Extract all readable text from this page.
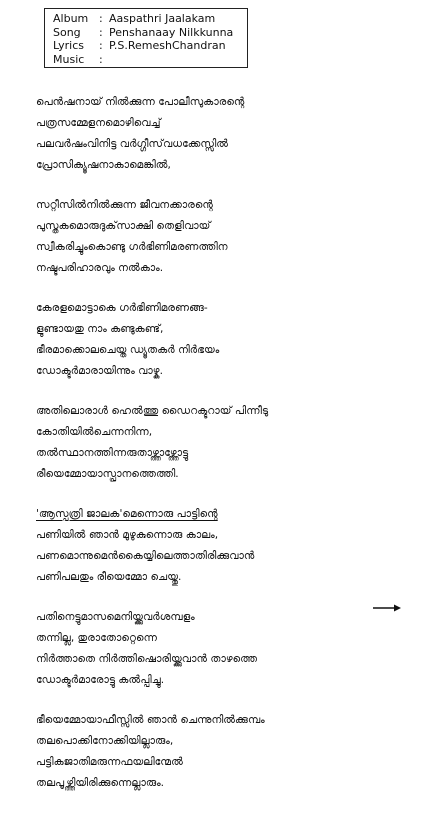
Album : Aaspathri Jaalakam
Song	: Penshanaay Nilkkunna
Lyrics	: P.S.RemeshChandran
Music	:
പെൻഷനായ് നിൽക്കുന്ന പോലീസുകാരന്റെ
പത്രസമ്മേളനമൊഴിവെച്ച്
പലവർഷംവിനിട്ട വർഗ്ഗീസ്‌വധക്കേസ്സിൽ
പ്രോസിക്യൂഷനാകാമെങ്കിൽ,
സറ്റീസിൽനിൽക്കുന്ന ജീവനക്കാരന്റെ
പുസ്തകമൊരുദുക്‌സാക്ഷി തെളിവായ്
സ്വീകരിച്ചുംകൊണ്ടു ഗർഭിണിമരണത്തിന
നഷ്ടപരിഹാരവും നൽകാം.
കേരളമൊട്ടാകെ ഗർഭിണിമരണങ്ങ-
ളുണ്ടായതു നാം കണ്ടുകണ്ട്,
ഭീരമാക്കൊലചെയ്ത ഡ്യൂതകർ നിർഭയം
ഡോക്ടർമാരായിന്നും വാഴ്കു.
അതിലൊരാൾ ഹെൽത്തു ഡൈറക്ടറായ് പിന്നീടു
കോതിയിൽചെന്നനിന്ന,
തൽസ്ഥാനത്തിന്നരുതാഴ്ത്താഴ്ത്തോട്ടു
രീയെമ്മോയാസ്പ്രാനത്തെത്തി.
'ആസ്പത്രി ജാലക'മെന്നൊരു പാട്ടിന്റെ
പണിയിൽ ഞാൻ മുഴുകുന്നൊരു കാലം,
പണമൊന്നുമെൻകൈയ്യിലെത്താതിരിക്കുവാൻ
പണിപലതും രീയെമ്മോ ചെയ്തു.
പതിനെട്ടുമാസമെനിയ്ക്കുവർശമ്പളം
തന്നില്ല, തുരാതോറ്റെന്നെ
നിർത്താതെ നിർത്തിഷൊരിയ്ക്കുവാൻ താഴത്തെ
ഡോക്ടർമാരോട്ടു കൽപ്പിച്ചു.
ഭീയെമ്മോയാഫീസ്സിൽ ഞാൻ ചെന്നുനിൽക്കുമ്പം
തലപൊക്കിനോക്കിയില്ലാരും,
പട്ടികജാതിമരുന്നഫയലിന്മേൽ
തലപൂഴ്ത്തിയിരിക്കുന്നെല്ലാരും.
